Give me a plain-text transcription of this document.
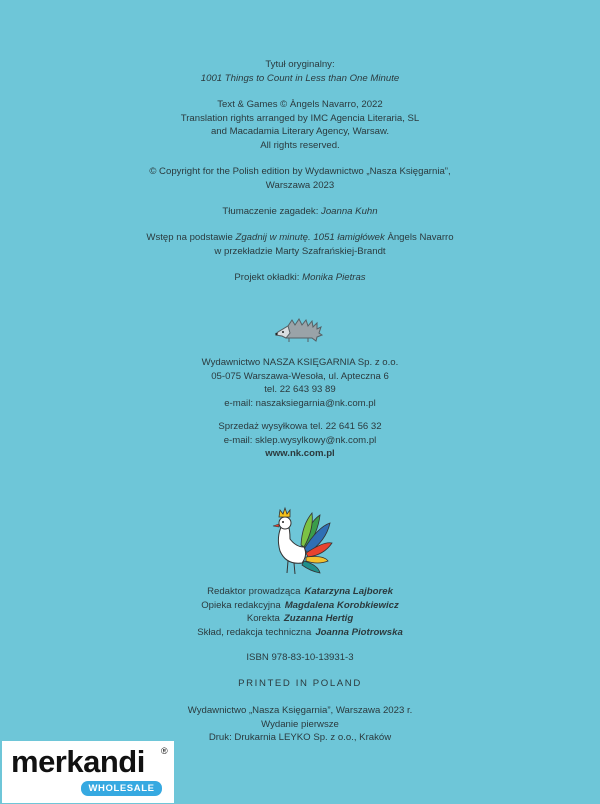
Tytuł oryginalny:
1001 Things to Count in Less than One Minute
Text & Games © Àngels Navarro, 2022
Translation rights arranged by IMC Agencia Literaria, SL
and Macadamia Literary Agency, Warsaw.
All rights reserved.
© Copyright for the Polish edition by Wydawnictwo „Nasza Księgarnia”,
Warszawa 2023
Tłumaczenie zagadek: Joanna Kuhn
Wstęp na podstawie Zgadnij w minutę. 1051 łamigłówek Àngels Navarro
w przekładzie Marty Szafrańskiej-Brandt
Projekt okładki: Monika Pietras
Wydawnictwo NASZA KSIĘGARNIA Sp. z o.o.
05-075 Warszawa-Wesoła, ul. Apteczna 6
tel. 22 643 93 89
e-mail: naszaksiegarnia@nk.com.pl
Sprzedaż wysyłkowa tel. 22 641 56 32
e-mail: sklep.wysylkowy@nk.com.pl
www.nk.com.pl
Redaktor prowadząca Katarzyna Lajborek
Opieka redakcyjna Magdalena Korobkiewicz
Korekta Zuzanna Hertig
Skład, redakcja techniczna Joanna Piotrowska
ISBN 978-83-10-13931-3
PRINTED IN POLAND
Wydawnictwo „Nasza Księgarnia”, Warszawa 2023 r.
Wydanie pierwsze
Druk: Drukarnia LEYKO Sp. z o.o., Kraków
merkandi ®
WHOLESALE
